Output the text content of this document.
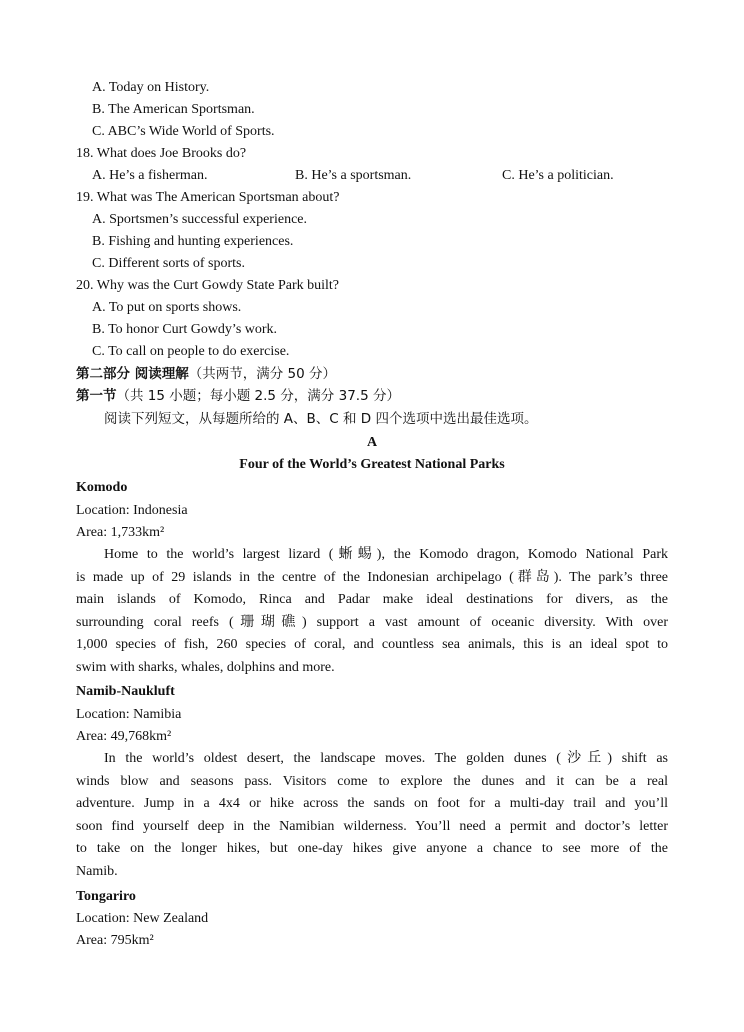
A. Today on History.
B. The American Sportsman.
C. ABC’s Wide World of Sports.
18. What does Joe Brooks do?
A. He’s a fisherman.	B. He’s a sportsman.	C. He’s a politician.
19. What was The American Sportsman about?
A. Sportsmen’s successful experience.
B. Fishing and hunting experiences.
C. Different sorts of sports.
20. Why was the Curt Gowdy State Park built?
A. To put on sports shows.
B. To honor Curt Gowdy’s work.
C. To call on people to do exercise.
第二部分 阅读理解（共两节，满分 50 分）
第一节（共 15 小题；每小题 2.5 分，满分 37.5 分）
阅读下列短文，从每题所给的 A、B、C 和 D 四个选项中选出最佳选项。
A
Four of the World’s Greatest National Parks
Komodo
Location: Indonesia
Area: 1,733km²
Home to the world’s largest lizard (蜥蜴), the Komodo dragon, Komodo National Park
is made up of 29 islands in the centre of the Indonesian archipelago (群岛). The park’s three
main islands of Komodo, Rinca and Padar make ideal destinations for divers, as the
surrounding coral reefs (珊瑚礁) support a vast amount of oceanic diversity. With over
1,000 species of fish, 260 species of coral, and countless sea animals, this is an ideal spot to
swim with sharks, whales, dolphins and more.
Namib-Naukluft
Location: Namibia
Area: 49,768km²
In the world’s oldest desert, the landscape moves. The golden dunes (沙丘) shift as
winds blow and seasons pass. Visitors come to explore the dunes and it can be a real
adventure. Jump in a 4x4 or hike across the sands on foot for a multi-day trail and you’ll
soon find yourself deep in the Namibian wilderness. You’ll need a permit and doctor’s letter
to take on the longer hikes, but one-day hikes give anyone a chance to see more of the
Namib.
Tongariro
Location: New Zealand
Area: 795km²
